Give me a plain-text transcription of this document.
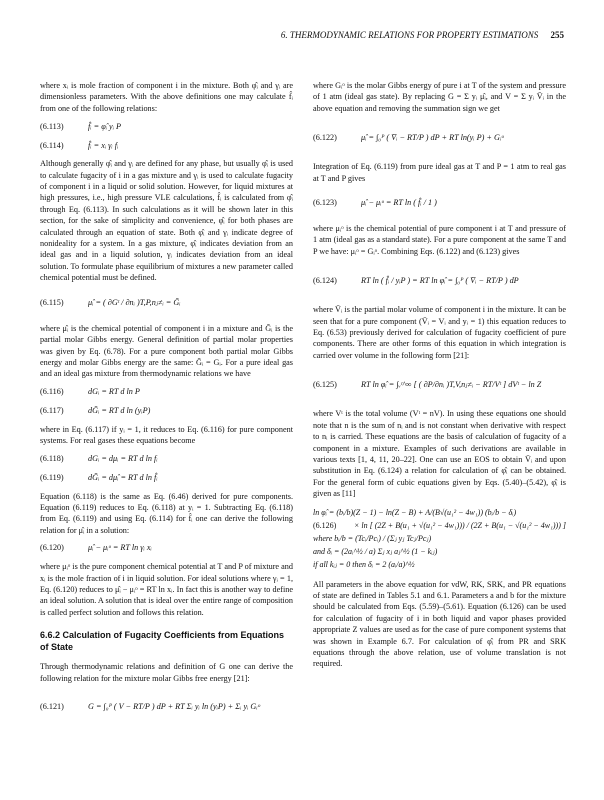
6. THERMODYNAMIC RELATIONS FOR PROPERTY ESTIMATIONS 255

where xᵢ is mole fraction of component i in the mixture. Both φ̂ᵢ and γᵢ are dimensionless parameters. With the above definitions one may calculate f̂ᵢ from one of the following relations:

(6.113)	f̂ᵢ = φ̂ᵢ yᵢ P
(6.114)	f̂ᵢ = xᵢ γᵢ fᵢ

Although generally φ̂ᵢ and γᵢ are defined for any phase, but usually φ̂ᵢ is used to calculate fugacity of i in a gas mixture and γᵢ is used to calculate fugacity of component i in a liquid or solid solution. However, for liquid mixtures at high pressures, i.e., high pressure VLE calculations, f̂ᵢ is calculated from φ̂ᵢ through Eq. (6.113). In such calculations as it will be shown later in this section, for the sake of simplicity and convenience, φ̂ᵢ for both phases are calculated through an equation of state. Both φ̂ᵢ and γᵢ indicate degree of nonideality for a system. In a gas mixture, φ̂ᵢ indicates deviation from an ideal gas and in a liquid solution, γᵢ indicates deviation from an ideal solution. To formulate phase equilibrium of mixtures a new parameter called chemical potential must be defined.

(6.115)	μ̂ᵢ = ( ∂Gᵗ / ∂nᵢ )T,P,nⱼ≠ᵢ = Ḡᵢ

where μ̂ᵢ is the chemical potential of component i in a mixture and Ḡᵢ is the partial molar Gibbs energy. General definition of partial molar properties was given by Eq. (6.78). For a pure component both partial molar Gibbs energy and molar Gibbs energy are the same: Ḡᵢ = Gᵢ. For a pure ideal gas and an ideal gas mixture from thermodynamic relations we have

(6.116)	dGᵢ = RT d ln P
(6.117)	dḠᵢ = RT d ln (yᵢP)

where in Eq. (6.117) if yᵢ = 1, it reduces to Eq. (6.116) for pure component systems. For real gases these equations become

(6.118)	dGᵢ = dμᵢ = RT d ln fᵢ
(6.119)	dḠᵢ = dμ̂ᵢ = RT d ln f̂ᵢ

Equation (6.118) is the same as Eq. (6.46) derived for pure components. Equation (6.119) reduces to Eq. (6.118) at yᵢ = 1. Subtracting Eq. (6.118) from Eq. (6.119) and using Eq. (6.114) for f̂ᵢ one can derive the following relation for μ̂ᵢ in a solution:

(6.120)	μ̂ᵢ − μᵢᵒ = RT ln γᵢ xᵢ

where μᵢᵒ is the pure component chemical potential at T and P of mixture and xᵢ is the mole fraction of i in liquid solution. For ideal solutions where γᵢ = 1, Eq. (6.120) reduces to μ̂ᵢ − μᵢᵒ = RT ln xᵢ. In fact this is another way to define an ideal solution. A solution that is ideal over the entire range of composition is called perfect solution and follows this relation.

6.6.2 Calculation of Fugacity Coefficients from Equations of State

Through thermodynamic relations and definition of G one can derive the following relation for the mixture molar Gibbs free energy [21]:

(6.121)	G = ∫₀ᴾ ( V − RT/P ) dP + RT Σᵢ yᵢ ln (yᵢP) + Σᵢ yᵢ Gᵢᵒ

where Gᵢᵒ is the molar Gibbs energy of pure i at T of the system and pressure of 1 atm (ideal gas state). By replacing G = Σ yᵢ μ̂ᵢ, and V = Σ yᵢ V̄ᵢ in the above equation and removing the summation sign we get

(6.122)	μ̂ᵢ = ∫₀ᴾ ( V̄ᵢ − RT/P ) dP + RT ln(yᵢ P) + Gᵢᵒ

Integration of Eq. (6.119) from pure ideal gas at T and P = 1 atm to real gas at T and P gives

(6.123)	μ̂ᵢ − μᵢᵒ = RT ln ( f̂ᵢ / 1 )

where μᵢᵒ is the chemical potential of pure component i at T and pressure of 1 atm (ideal gas as a standard state). For a pure component at the same T and P we have: μᵢᵒ = Gᵢᵒ. Combining Eqs. (6.122) and (6.123) gives

(6.124)	RT ln ( f̂ᵢ / yᵢP ) = RT ln φ̂ᵢ = ∫₀ᴾ ( V̄ᵢ − RT/P ) dP

where V̄ᵢ is the partial molar volume of component i in the mixture. It can be seen that for a pure component (V̄ᵢ = Vᵢ and yᵢ = 1) this equation reduces to Eq. (6.53) previously derived for calculation of fugacity coefficient of pure components. There are other forms of this equation in which integration is carried over volume in the following form [21]:

(6.125)	RT ln φ̂ᵢ = ∫ᵥᵗ^∞ [ ( ∂P/∂nᵢ )T,V,nⱼ≠ᵢ − RT/Vᵗ ] dVᵗ − ln Z

where Vᵗ is the total volume (Vᵗ = nV). In using these equations one should note that n is the sum of nᵢ and is not constant when derivative with respect to nᵢ is carried. These equations are the basis of calculation of fugacity of a component in a mixture. Examples of such derivations are available in various texts [1, 4, 11, 20–22]. One can use an EOS to obtain V̄ᵢ and upon substitution in Eq. (6.124) a relation for calculation of φ̂ᵢ can be obtained. For the general form of cubic equations given by Eqs. (5.40)–(5.42), φ̂ᵢ is given as [11]

ln φ̂ᵢ = (bᵢ/b)(Z − 1) − ln(Z − B) + A/(B√(u₁² − 4w₁)) (bᵢ/b − δᵢ)
(6.126)	× ln [ (2Z + B(u₁ + √(u₁² − 4w₁))) / (2Z + B(u₁ − √(u₁² − 4w₁))) ]
where bᵢ/b = (Tcᵢ/Pcᵢ) / (Σⱼ yⱼ Tcⱼ/Pcⱼ)
and δᵢ = (2aᵢ^½ / a) Σⱼ xⱼ aⱼ^½ (1 − kᵢⱼ)
if all kᵢⱼ = 0 then δᵢ = 2 (aᵢ/a)^½

All parameters in the above equation for vdW, RK, SRK, and PR equations of state are defined in Tables 5.1 and 6.1. Parameters a and b for the mixture should be calculated from Eqs. (5.59)–(5.61). Equation (6.126) can be used for calculation of fugacity of i in both liquid and vapor phases provided appropriate Z values are used as for the case of pure component systems that was shown in Example 6.7. For calculation of φ̂ᵢ from PR and SRK equations through the above relation, use of volume translation is not required.
